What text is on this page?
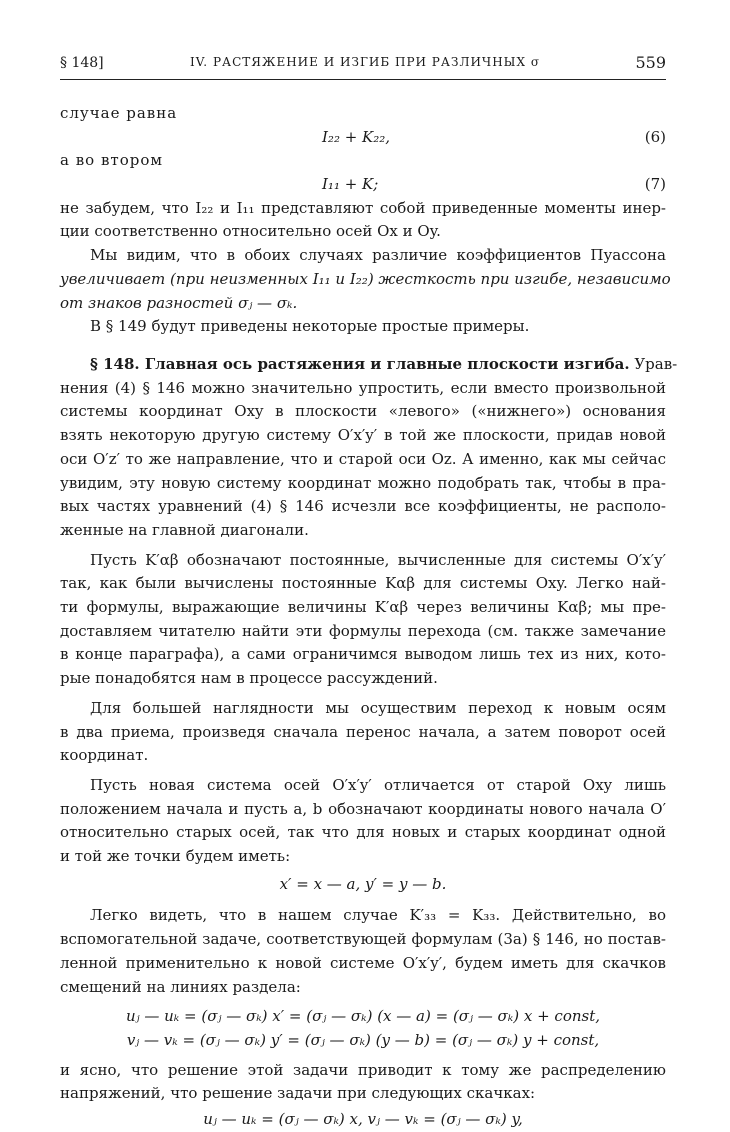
§ 148]	IV. РАСТЯЖЕНИЕ И ИЗГИБ ПРИ РАЗЛИЧНЫХ σ	559
случае равна
I₂₂ + K₂₂,	(6)
а во втором
I₁₁ + K;	(7)
не забудем, что I₂₂ и I₁₁ представляют собой приведенные моменты инер-
ции соответственно относительно осей Ox и Oy.
Мы видим, что в обоих случаях различие коэффициентов Пуассона
увеличивает (при неизменных I₁₁ и I₂₂) жесткость при изгибе, независимо
от знаков разностей σⱼ — σₖ.
В § 149 будут приведены некоторые простые примеры.
§ 148. Главная ось растяжения и главные плоскости изгиба. Урав-
нения (4) § 146 можно значительно упростить, если вместо произвольной
системы координат Oxy в плоскости «левого» («нижнего») основания
взять некоторую другую систему O′x′y′ в той же плоскости, придав новой
оси O′z′ то же направление, что и старой оси Oz. А именно, как мы сейчас
увидим, эту новую систему координат можно подобрать так, чтобы в пра-
вых частях уравнений (4) § 146 исчезли все коэффициенты, не располо-
женные на главной диагонали.
Пусть K′αβ обозначают постоянные, вычисленные для системы O′x′y′
так, как были вычислены постоянные Kαβ для системы Oxy. Легко най-
ти формулы, выражающие величины K′αβ через величины Kαβ; мы пре-
доставляем читателю найти эти формулы перехода (см. также замечание
в конце параграфа), а сами ограничимся выводом лишь тех из них, кото-
рые понадобятся нам в процессе рассуждений.
Для большей наглядности мы осуществим переход к новым осям
в два приема, произведя сначала перенос начала, а затем поворот осей
координат.
Пусть новая система осей O′x′y′ отличается от старой Oxy лишь
положением начала и пусть a, b обозначают координаты нового начала O′
относительно старых осей, так что для новых и старых координат одной
и той же точки будем иметь:
x′ = x — a, y′ = y — b.
Легко видеть, что в нашем случае K′₃₃ = K₃₃. Действительно, во
вспомогательной задаче, соответствующей формулам (3а) § 146, но постав-
ленной применительно к новой системе O′x′y′, будем иметь для скачков
смещений на линиях раздела:
uⱼ — uₖ = (σⱼ — σₖ) x′ = (σⱼ — σₖ) (x — a) = (σⱼ — σₖ) x + const,
vⱼ — vₖ = (σⱼ — σₖ) y′ = (σⱼ — σₖ) (y — b) = (σⱼ — σₖ) y + const,
и ясно, что решение этой задачи приводит к тому же распределению
напряжений, что решение задачи при следующих скачках:
uⱼ — uₖ = (σⱼ — σₖ) x, vⱼ — vₖ = (σⱼ — σₖ) y,
